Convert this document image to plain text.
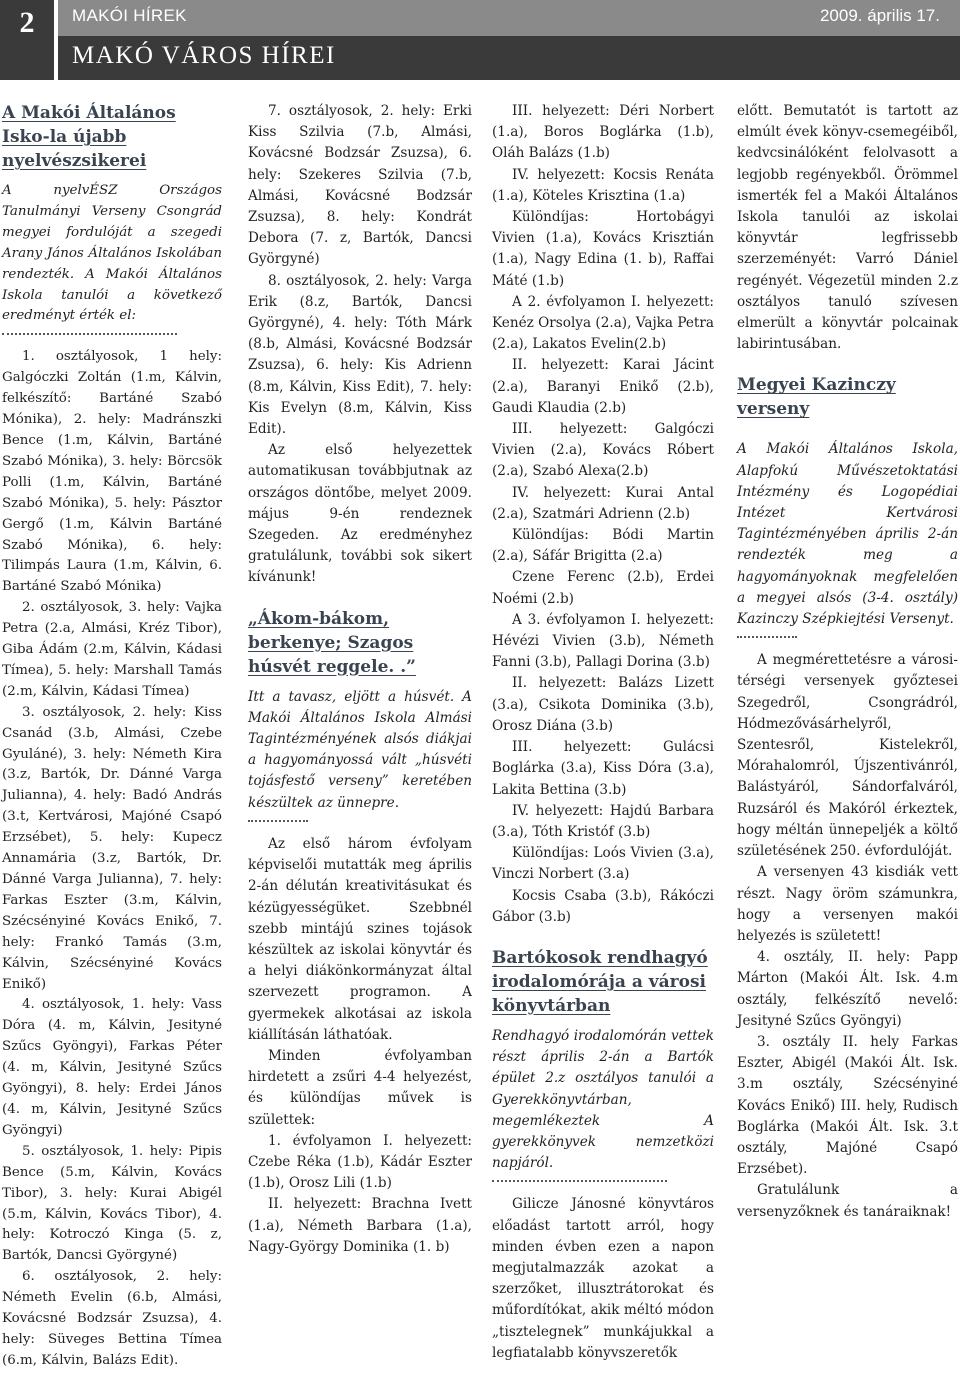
2	MAKÓI HÍREK	2009. április 17.
MAKÓ VÁROS HÍREI
A Makói Általános Isko-la újabb nyelvészsikerei

A nyelvÉSZ Országos Tanulmányi Verseny Csongrád megyei fordulóját a szegedi Arany János Általános Iskolában rendezték. A Makói Általános Iskola tanulói a következő eredményt érték el:

1. osztályosok, 1 hely: Galgóczki Zoltán (1.m, Kálvin, felkészítő: Bartáné Szabó Mónika), 2. hely: Madránszki Bence (1.m, Kálvin, Bartáné Szabó Mónika), 3. hely: Börcsök Polli (1.m, Kálvin, Bartáné Szabó Mónika), 5. hely: Pásztor Gergő (1.m, Kálvin Bartáné Szabó Mónika), 6. hely: Tilimpás Laura (1.m, Kálvin, 6. Bartáné Szabó Mónika)

2. osztályosok, 3. hely: Vajka Petra (2.a, Almási, Kréz Tibor), Giba Ádám (2.m, Kálvin, Kádasi Tímea), 5. hely: Marshall Tamás (2.m, Kálvin, Kádasi Tímea)

3. osztályosok, 2. hely: Kiss Csanád (3.b, Almási, Czebe Gyuláné), 3. hely: Németh Kira (3.z, Bartók, Dr. Dánné Varga Julianna), 4. hely: Badó András (3.t, Kertvárosi, Majóné Csapó Erzsébet), 5. hely: Kupecz Annamária (3.z, Bartók, Dr. Dánné Varga Julianna), 7. hely: Farkas Eszter (3.m, Kálvin, Szécsényiné Kovács Enikő, 7. hely: Frankó Tamás (3.m, Kálvin, Szécsényiné Kovács Enikő)

4. osztályosok, 1. hely: Vass Dóra (4. m, Kálvin, Jesityné Szűcs Gyöngyi), Farkas Péter (4. m, Kálvin, Jesityné Szűcs Gyöngyi), 8. hely: Erdei János (4. m, Kálvin, Jesityné Szűcs Gyöngyi)

5. osztályosok, 1. hely: Pipis Bence (5.m, Kálvin, Kovács Tibor), 3. hely: Kurai Abigél (5.m, Kálvin, Kovács Tibor), 4. hely: Kotroczó Kinga (5. z, Bartók, Dancsi Györgyné)

6. osztályosok, 2. hely: Németh Evelin (6.b, Almási, Kovácsné Bodzsár Zsuzsa), 4. hely: Süveges Bettina Tímea (6.m, Kálvin, Balázs Edit).

7. osztályosok, 2. hely: Erki Kiss Szilvia (7.b, Almási, Kovácsné Bodzsár Zsuzsa), 6. hely: Szekeres Szilvia (7.b, Almási, Kovácsné Bodzsár Zsuzsa), 8. hely: Kondrát Debora (7. z, Bartók, Dancsi Györgyné)

8. osztályosok, 2. hely: Varga Erik (8.z, Bartók, Dancsi Györgyné), 4. hely: Tóth Márk (8.b, Almási, Kovácsné Bodzsár Zsuzsa), 6. hely: Kis Adrienn (8.m, Kálvin, Kiss Edit), 7. hely: Kis Evelyn (8.m, Kálvin, Kiss Edit).

Az első helyezettek automatikusan továbbjutnak az országos döntőbe, melyet 2009. május 9-én rendeznek Szegeden. Az eredményhez gratulálunk, további sok sikert kívánunk!

„Ákom-bákom, berkenye; Szagos húsvét reggele. .”

Itt a tavasz, eljött a húsvét. A Makói Általános Iskola Almási Tagintézményének alsós diákjai a hagyományossá vált „húsvéti tojásfestő verseny” keretében készültek az ünnepre.

Az első három évfolyam képviselői mutatták meg április 2-án délután kreativitásukat és kézügyességüket. Szebbnél szebb mintájú szines tojások készültek az iskolai könyvtár és a helyi diákönkormányzat által szervezett programon. A gyermekek alkotásai az iskola kiállításán láthatóak.

Minden évfolyamban hirdetett a zsűri 4-4 helyezést, és különdíjas művek is születtek:

1. évfolyamon I. helyezett: Czebe Réka (1.b), Kádár Eszter (1.b), Orosz Lili (1.b)

II. helyezett: Brachna Ivett (1.a), Németh Barbara (1.a), Nagy-György Dominika (1. b)

III. helyezett: Déri Norbert (1.a), Boros Boglárka (1.b), Oláh Balázs (1.b)

IV. helyezett: Kocsis Renáta (1.a), Köteles Krisztina (1.a)

Különdíjas: Hortobágyi Vivien (1.a), Kovács Krisztián (1.a), Nagy Edina (1. b), Raffai Máté (1.b)

A 2. évfolyamon I. helyezett: Kenéz Orsolya (2.a), Vajka Petra (2.a), Lakatos Evelin(2.b)

II. helyezett: Karai Jácint (2.a), Baranyi Enikő (2.b), Gaudi Klaudia (2.b)

III. helyezett: Galgóczi Vivien (2.a), Kovács Róbert (2.a), Szabó Alexa(2.b)

IV. helyezett: Kurai Antal (2.a), Szatmári Adrienn (2.b)

Különdíjas: Bódi Martin (2.a), Sáfár Brigitta (2.a)

Czene Ferenc (2.b), Erdei Noémi (2.b)

A 3. évfolyamon I. helyezett: Hévézi Vivien (3.b), Németh Fanni (3.b), Pallagi Dorina (3.b)

II. helyezett: Balázs Lizett (3.a), Csikota Dominika (3.b), Orosz Diána (3.b)

III. helyezett: Gulácsi Boglárka (3.a), Kiss Dóra (3.a), Lakita Bettina (3.b)

IV. helyezett: Hajdú Barbara (3.a), Tóth Kristóf (3.b)

Különdíjas: Loós Vivien (3.a), Vinczi Norbert (3.a)

Kocsis Csaba (3.b), Rákóczi Gábor (3.b)

Bartókosok rendhagyó irodalomórája a városi könyvtárban

Rendhagyó irodalomórán vettek részt április 2-án a Bartók épület 2.z osztályos tanulói a Gyerekkönyvtárban, megemlékeztek A gyerekkönyvek nemzetközi napjáról.

Gilicze Jánosné könyvtáros előadást tartott arról, hogy minden évben ezen a napon megjutalmazzák azokat a szerzőket, illusztrátorokat és műfordítókat, akik méltó módon „tisztelegnek” munkájukkal a legfiatalabb könyvszeretők

előtt. Bemutatót is tartott az elmúlt évek könyv-csemegéiből, kedvcsinálóként felolvasott a legjobb regényekből. Örömmel ismerték fel a Makói Általános Iskola tanulói az iskolai könyvtár legfrissebb szerzeményét: Varró Dániel regényét. Végezetül minden 2.z osztályos tanuló szívesen elmerült a könyvtár polcainak labirintusában.

Megyei Kazinczy verseny

A Makói Általános Iskola, Alapfokú Művészetoktatási Intézmény és Logopédiai Intézet Kertvárosi Tagintézményében április 2-án rendezték meg a hagyományoknak megfelelően a megyei alsós (3-4. osztály) Kazinczy Szépkiejtési Versenyt.

A megmérettetésre a városi-térségi versenyek győztesei Szegedről, Csongrádról, Hódmezővásárhelyről, Szentesről, Kistelekről, Mórahalomról, Újszentivánról, Balástyáról, Sándorfalváról, Ruzsáról és Makóról érkeztek, hogy méltán ünnepeljék a költő születésének 250. évfordulóját.

A versenyen 43 kisdiák vett részt. Nagy öröm számunkra, hogy a versenyen makói helyezés is született!

4. osztály, II. hely: Papp Márton (Makói Ált. Isk. 4.m osztály, felkészítő nevelő: Jesityné Szűcs Gyöngyi)

3. osztály II. hely Farkas Eszter, Abigél (Makói Ált. Isk. 3.m osztály, Szécsényiné Kovács Enikő) III. hely, Rudisch Boglárka (Makói Ált. Isk. 3.t osztály, Majóné Csapó Erzsébet).

Gratulálunk a versenyzőknek és tanáraiknak!
